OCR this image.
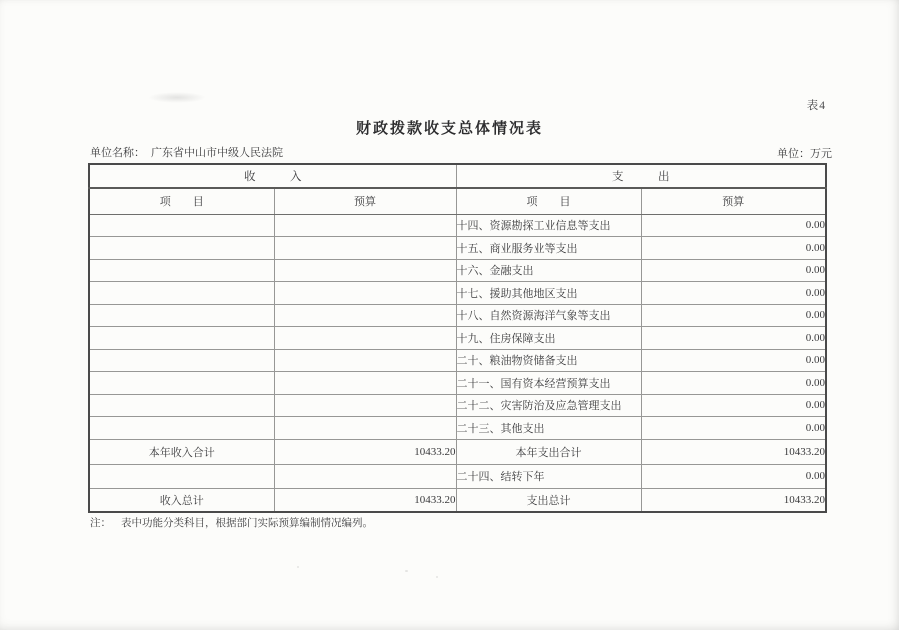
表4
财政拨款收支总体情况表
单位名称： 广东省中山市中级人民法院	单位：万元
收　　　入		支　　　出	
项　　目	预算	项　　目	预算
		十四、资源勘探工业信息等支出	0.00
		十五、商业服务业等支出	0.00
		十六、金融支出	0.00
		十七、援助其他地区支出	0.00
		十八、自然资源海洋气象等支出	0.00
		十九、住房保障支出	0.00
		二十、粮油物资储备支出	0.00
		二十一、国有资本经营预算支出	0.00
		二十二、灾害防治及应急管理支出	0.00
		二十三、其他支出	0.00
本年收入合计	10433.20	本年支出合计	10433.20
		二十四、结转下年	0.00
收入总计	10433.20	支出总计	10433.20
注： 表中功能分类科目，根据部门实际预算编制情况编列。
